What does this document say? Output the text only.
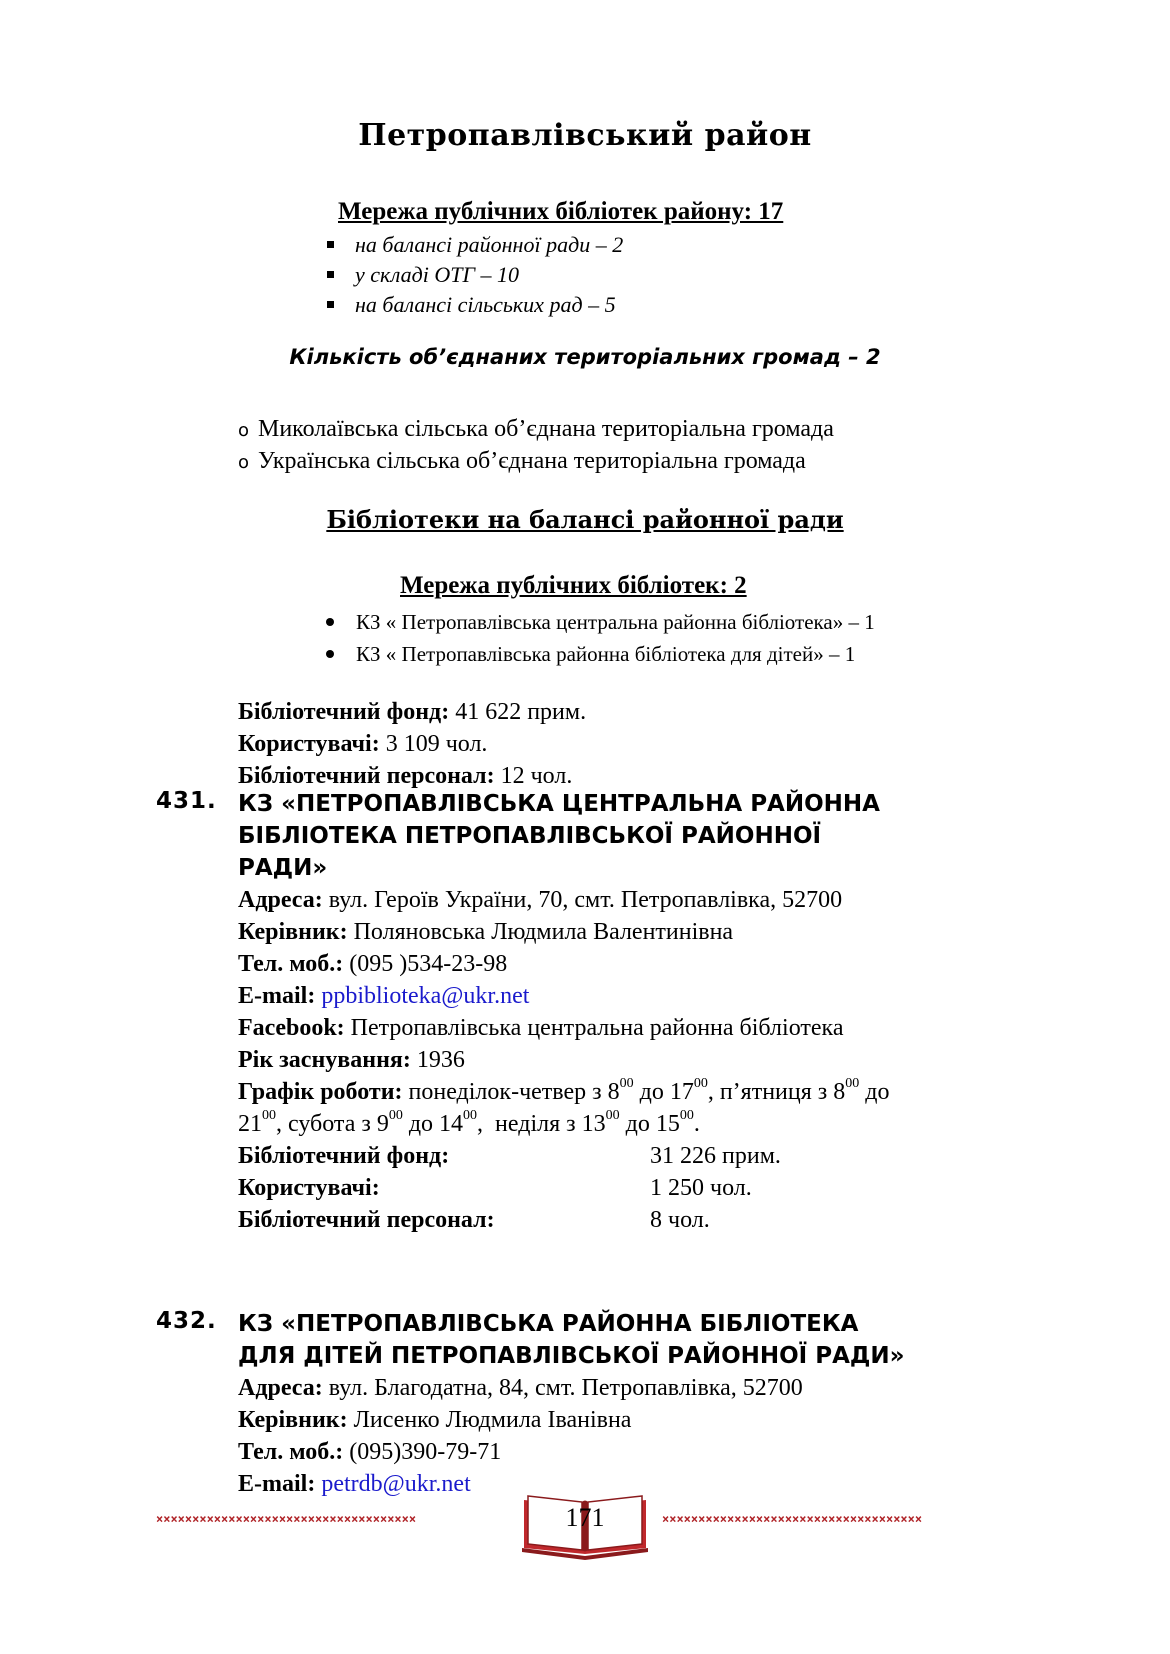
Петропавлівський район
Мережа публічних бібліотек району: 17
на балансі районної ради – 2
у складі ОТГ – 10
на балансі сільських рад – 5
Кількість об’єднаних територіальних громад – 2
o Миколаївська сільська об’єднана територіальна громада
o Українська сільська об’єднана територіальна громада
Бібліотеки на балансі районної ради
Мережа публічних бібліотек: 2
КЗ « Петропавлівська центральна районна бібліотека» – 1
КЗ « Петропавлівська районна бібліотека для дітей» – 1
Бібліотечний фонд: 41 622 прим.
Користувачі: 3 109 чол.
Бібліотечний персонал: 12 чол.
431. КЗ «ПЕТРОПАВЛІВСЬКА ЦЕНТРАЛЬНА РАЙОННА
БІБЛІОТЕКА ПЕТРОПАВЛІВСЬКОЇ РАЙОННОЇ
РАДИ»
Адреса: вул. Героїв України, 70, смт. Петропавлівка, 52700
Керівник: Поляновська Людмила Валентинівна
Тел. моб.: (095 )534-23-98
E-mail: ppbiblioteka@ukr.net
Facebook: Петропавлівська центральна районна бібліотека
Рік заснування: 1936
Графік роботи: понеділок-четвер з $8^{00}$ до $17^{00}$, п’ятниця з $8^{00}$ до
$21^{00}$, субота з $9^{00}$ до $14^{00}$,  неділя з $13^{00}$ до $15^{00}$.
Бібліотечний фонд:	31 226 прим.
Користувачі:	1 250 чол.
Бібліотечний персонал:	8 чол.
432. КЗ «ПЕТРОПАВЛІВСЬКА РАЙОННА БІБЛІОТЕКА
ДЛЯ ДІТЕЙ ПЕТРОПАВЛІВСЬКОЇ РАЙОННОЇ РАДИ»
Адреса: вул. Благодатна, 84, смт. Петропавлівка, 52700
Керівник: Лисенко Людмила Іванівна
Тел. моб.: (095)390-79-71
E-mail: petrdb@ukr.net
××××××××××××××××××××××××××××××××××××	171	××××××××××××××××××××××××××××××××××××
